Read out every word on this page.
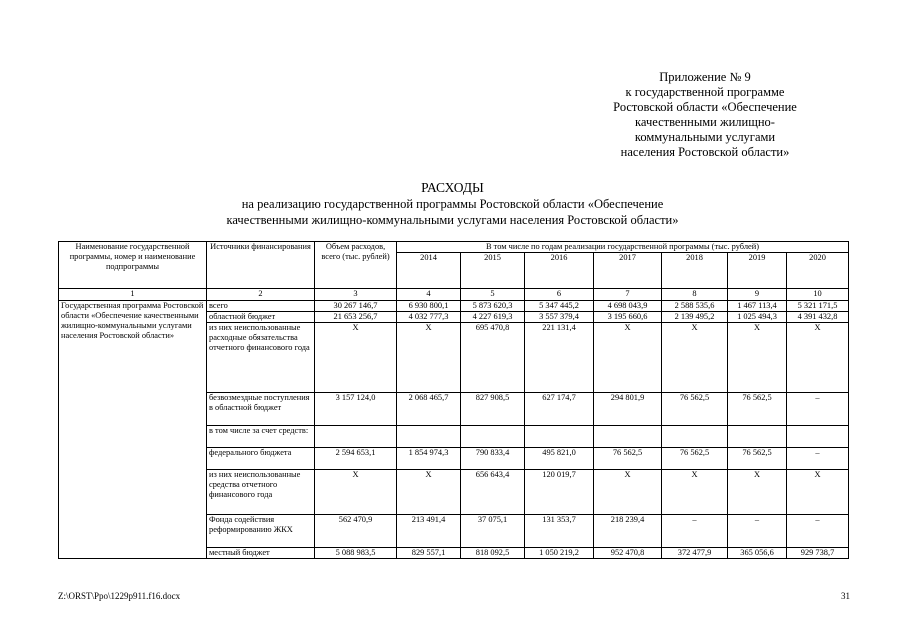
Приложение № 9
к государственной программе
Ростовской области «Обеспечение
качественными жилищно-
коммунальными услугами
населения Ростовской области»
РАСХОДЫ
на реализацию государственной программы Ростовской области «Обеспечение
качественными жилищно-коммунальными услугами населения Ростовской области»
Наименование государственной программы, номер и наименование подпрограммы	Источники финансирования	Объем расходов, всего (тыс. рублей)	В том числе по годам реализации государственной программы (тыс. рублей)						
			2014	2015	2016	2017	2018	2019	2020
1	2	3	4	5	6	7	8	9	10
Государственная программа Ростовской области «Обеспечение качественными жилищно-коммунальными услугами населения Ростовской области»	всего	30 267 146,7	6 930 800,1	5 873 620,3	5 347 445,2	4 698 043,9	2 588 535,6	1 467 113,4	5 321 171,5
	областной бюджет	21 653 256,7	4 032 777,3	4 227 619,3	3 557 379,4	3 195 660,6	2 139 495,2	1 025 494,3	4 391 432,8
	из них неиспользованные расходные обязательства отчетного финансового года	Х	Х	695 470,8	221 131,4	Х	Х	Х	Х
	безвозмездные поступления в областной бюджет	3 157 124,0	2 068 465,7	827 908,5	627 174,7	294 801,9	76 562,5	76 562,5	–
	в том числе за счет средств:								
	федерального бюджета	2 594 653,1	1 854 974,3	790 833,4	495 821,0	76 562,5	76 562,5	76 562,5	–
	из них неиспользованные средства отчетного финансового года	Х	Х	656 643,4	120 019,7	Х	Х	Х	Х
	Фонда содействия реформированию ЖКХ	562 470,9	213 491,4	37 075,1	131 353,7	218 239,4	–	–	–
	местный бюджет	5 088 983,5	829 557,1	818 092,5	1 050 219,2	952 470,8	372 477,9	365 056,6	929 738,7
Z:\ORST\Ppo\1229p911.f16.docx	31
